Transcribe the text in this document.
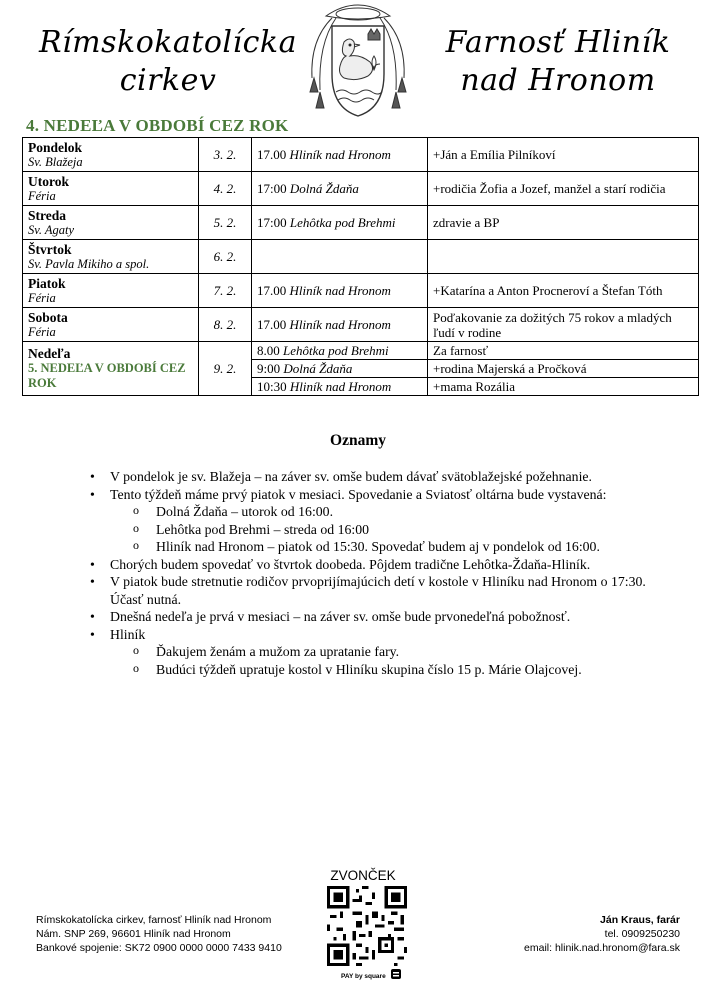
Rímskokatolícka
cirkev
Farnosť Hliník
nad Hronom
4. NEDEĽA V OBDOBÍ CEZ ROK
Pondelok
Sv. Blažeja	3. 2.	17.00 Hliník nad Hronom	+Ján a Emília Pilníkoví

Utorok
Féria	4. 2.	17:00 Dolná Ždaňa	+rodičia Žofia a Jozef, manžel a starí rodičia

Streda
Sv. Agaty	5. 2.	17:00 Lehôtka pod Brehmi	zdravie a BP

Štvrtok
Sv. Pavla Mikiho a spol.	6. 2.		

Piatok
Féria	7. 2.	17.00 Hliník nad Hronom	+Katarína a Anton Procneroví a Štefan Tóth

Sobota
Féria	8. 2.	17.00 Hliník nad Hronom	Poďakovanie za dožitých 75 rokov a mladých ľudí v rodine

Nedeľa
5. NEDEĽA V OBDOBÍ CEZ ROK	9. 2.	8.00 Lehôtka pod Brehmi	Za farnosť
		9:00 Dolná Ždaňa	+rodina Majerská a Pročková
		10:30 Hliník nad Hronom	+mama Rozália
Oznamy
• V pondelok je sv. Blažeja – na záver sv. omše budem dávať svätoblažejské požehnanie.
• Tento týždeň máme prvý piatok v mesiaci. Spovedanie a Sviatosť oltárna bude vystavená:
o Dolná Ždaňa – utorok od 16:00.
o Lehôtka pod Brehmi – streda od 16:00
o Hliník nad Hronom – piatok od 15:30. Spovedať budem aj v pondelok od 16:00.
• Chorých budem spovedať vo štvrtok doobeda. Pôjdem tradične Lehôtka-Ždaňa-Hliník.
• V piatok bude stretnutie rodičov prvoprijímajúcich detí v kostole v Hliníku nad Hronom o 17:30. Účasť nutná.
• Dnešná nedeľa je prvá v mesiaci – na záver sv. omše bude prvonedeľná pobožnosť.
• Hliník
o Ďakujem ženám a mužom za upratanie fary.
o Budúci týždeň upratuje kostol v Hliníku skupina číslo 15 p. Márie Olajcovej.
ZVONČEK
PAY by square
Rímskokatolícka cirkev, farnosť Hliník nad Hronom
Nám. SNP 269, 96601 Hliník nad Hronom
Bankové spojenie: SK72 0900 0000 0000 7433 9410
Ján Kraus, farár
tel. 0909250230
email: hlinik.nad.hronom@fara.sk
